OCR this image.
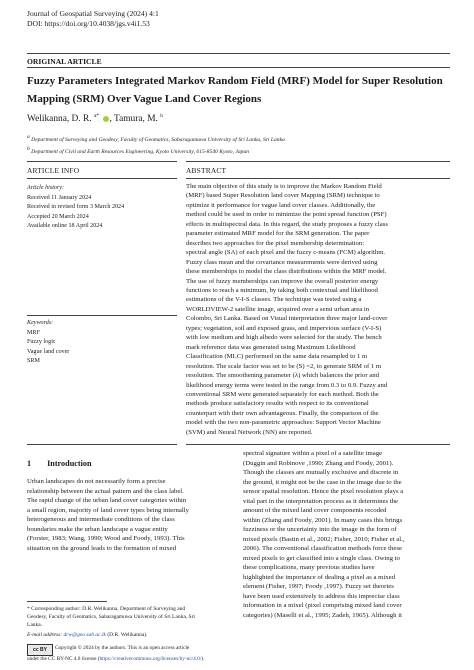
Journal of Geospatial Surveying (2024) 4:1
DOI: https://doi.org/10.4038/jgs.v4i1.53
ORIGINAL ARTICLE
Fuzzy Parameters Integrated Markov Random Field (MRF) Model for Super Resolution
Mapping (SRM) Over Vague Land Cover Regions
Welikanna, D. R. $^{a*}$ , Tamura, M. $^b$
a Department of Surveying and Geodesy, Faculty of Geomatics, Sabaragamuwa University of Sri Lanka, Sri Lanka
b Department of Civil and Earth Resources Engineering, Kyoto University, 615-8540 Kyoto, Japan
ARTICLE INFO	ABSTRACT
Article history:
Received 11 January 2024
Received in revised form 3 March 2024
Accepted 20 March 2024
Available online 18 April 2024
Keywords:
MRF
Fuzzy logic
Vague land cover
SRM
The main objective of this study is to improve the Markov Random Field
(MRF) based Super Resolution land cover Mapping (SRM) technique to
optimize it performance for vague land cover classes. Additionally, the
method could be used in order to minimize the point spread function (PSF)
effects in multispectral data. In this regard, the study proposes a fuzzy class
parameter estimated MRF model for the SRM generation. The paper
describes two approaches for the pixel membership determination:
spectral angle (SA) of each pixel and the fuzzy c-means (FCM) algorithm.
Fuzzy class mean and the covariance measurements were derived using
these memberships to model the class distributions within the MRF model.
The use of fuzzy memberships can improve the overall posterior energy
functions to reach a minimum, by taking both contextual and likelihood
estimations of the V-I-S classes. The technique was tested using a
WORLDVIEW-2 satellite image, acquired over a semi urban area in
Colombo, Sri Lanka. Based on Visual interpretation three major land-cover
types; vegetation, soil and exposed grass, and impervious surface (V-I-S)
with low medium and high albedo were selected for the study. The bench
mark reference data was generated using Maximum Likelihood
Classification (MLC) performed on the same data resampled to 1 m
resolution. The scale factor was set to be (S) =2, to generate SRM of 1 m
resolution. The smoothening parameter (λ) which balances the prior and
likelihood energy terms were tested in the range from 0.3 to 0.9. Fuzzy and
conventional SRM were generated separately for each method. Both the
methods produce satisfactory results with respect to its conventional
counterpart with their own advantageous. Finally, the comparison of the
model with the two non-parametric approaches: Support Vector Machine
(SVM) and Neural Network (NN) are reported.
1 Introduction
Urban landscapes do not necessarily form a precise
relationship between the actual pattern and the class label.
The rapid change of the urban land cover categories within
a small region, majority of land cover types being internally
heterogeneous and intermediate conditions of the class
boundaries make the urban landscape a vague entity
(Forster, 1983; Wang, 1990; Wood and Foody, 1993). This
situation on the ground leads to the formation of mixed
spectral signature within a pixel of a satellite image
(Duggin and Robinove ,1990; Zhang and Foody, 2001).
Though the classes are mutually exclusive and discrete in
the ground, it might not be the case in the image due to the
sensor spatial resolution. Hence the pixel resolution plays a
vital part in the interpretation process as it determines the
amount of the mixed land cover components recoded
within (Zhang and Foody, 2001). In many cases this brings
fuzziness or the uncertainty into the image in the form of
mixed pixels (Bastin et al., 2002; Fisher, 2010; Fisher et al.,
2006). The conventional classification methods force these
mixed pixels to get classified into a single class. Owing to
these complications, many previous studies have
highlighted the importance of dealing a pixel as a mixed
element (Fisher, 1997; Foody ,1997). Fuzzy set theories
have been used extensively to address this imprecise class
information in a mixel (pixel comprising mixed land cover
categories) (Maselli et al., 1995; Zadeh, 1965). Although it
* Corresponding author: D.R. Welikanna, Department of Surveying and
Geodesy, Faculty of Geomatics, Sabaragamuwa University of Sri Lanka, Sri
Lanka.
E-mail address: drw@geo.sab.ac.lk (D.R. Welikanna).
cc BY	Copyright © 2024 by the authors. This is an open access article
under the CC BY-NC 4.0 license (https://creativecommons.org/licenses/by-nc/4.0/).
